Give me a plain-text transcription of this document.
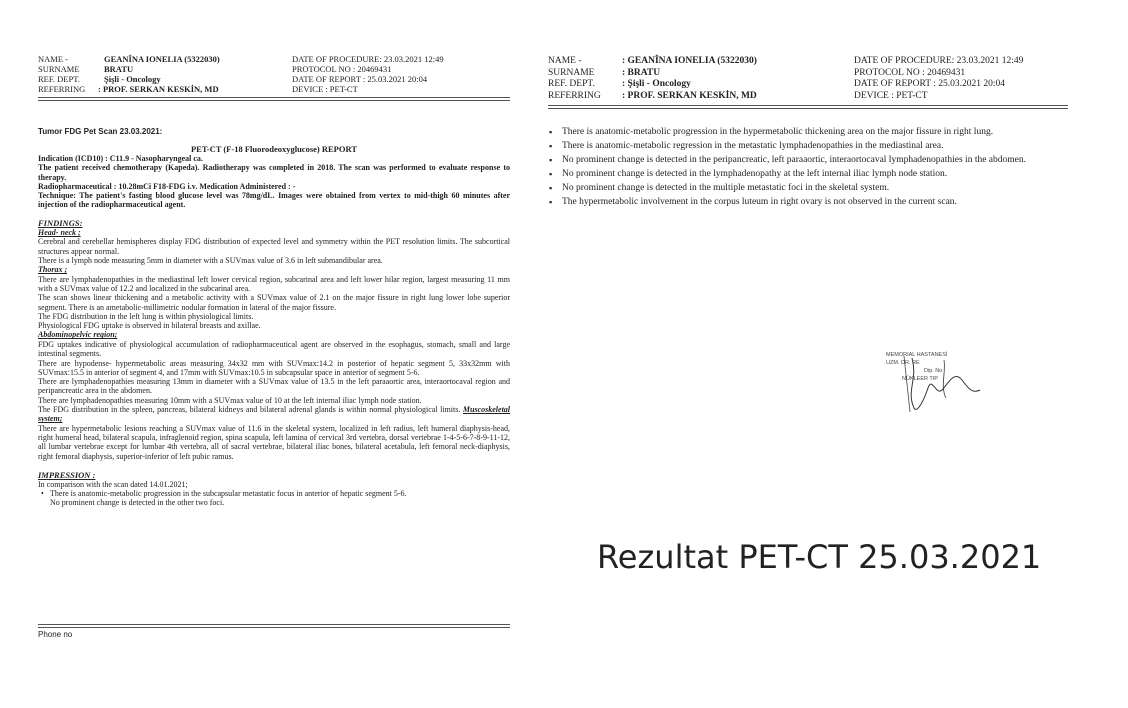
NAME -	GEANÎNA IONELIA (5322030)	DATE OF PROCEDURE: 23.03.2021 12:49
SURNAME	BRATU	PROTOCOL NO : 20469431
REF. DEPT.	Şişli - Oncology	DATE OF REPORT : 25.03.2021 20:04
REFERRING : PROF. SERKAN KESKİN, MD	DEVICE : PET-CT
Tumor FDG Pet Scan 23.03.2021:
PET-CT (F-18 Fluorodeoxyglucose) REPORT
Indication (ICD10) : C11.9 - Nasopharyngeal ca.
The patient received chemotherapy (Kapeda). Radiotherapy was completed in 2018. The scan was performed to evaluate response to therapy.
Radiopharmaceutical : 10.28mCi F18-FDG i.v. Medication Administered : -
Technique: The patient's fasting blood glucose level was 78mg/dL. Images were obtained from vertex to mid-thigh 60 minutes after injection of the radiopharmaceutical agent.
FINDINGS:
Head- neck ;
Cerebral and cerebellar hemispheres display FDG distribution of expected level and symmetry within the PET resolution limits. The subcortical structures appear normal.
There is a lymph node measuring 5mm in diameter with a SUVmax value of 3.6 in left submandibular area.
Thorax ;
There are lymphadenopathies in the mediastinal left lower cervical region, subcarinal area and left lower hilar region, largest measuring 11 mm with a SUVmax value of 12.2 and localized in the subcarinal area.
The scan shows linear thickening and a metabolic activity with a SUVmax value of 2.1 on the major fissure in right lung lower lobe superior segment. There is an ametabolic-millimetric nodular formation in lateral of the major fissure.
The FDG distribution in the left lung is within physiological limits.
Physiological FDG uptake is observed in bilateral breasts and axillae.
Abdominopelvic region;
FDG uptakes indicative of physiological accumulation of radiopharmaceutical agent are observed in the esophagus, stomach, small and large intestinal segments.
There are hypodense- hypermetabolic areas measuring 34x32 mm with SUVmax:14.2 in posterior of hepatic segment 5, 33x32mm with SUVmax:15.5 in anterior of segment 4, and 17mm with SUVmax:10.5 in subcapsular space in anterior of segment 5-6.
There are lymphadenopathies measuring 13mm in diameter with a SUVmax value of 13.5 in the left paraaortic area, interaortocaval region and peripancreatic area in the abdomen.
There are lymphadenopathies measuring 10mm with a SUVmax value of 10 at the left internal iliac lymph node station.
The FDG distribution in the spleen, pancreas, bilateral kidneys and bilateral adrenal glands is within normal physiological limits. Muscoskeletal system;
There are hypermetabolic lesions reaching a SUVmax value of 11.6 in the skeletal system, localized in left radius, left humeral diaphysis-head, right humeral head, bilateral scapula, infraglenoid region, spina scapula, left lamina of cervical 3rd vertebra, dorsal vertebrae 1-4-5-6-7-8-9-11-12, all lumbar vertebrae except for lumbar 4th vertebra, all of sacral vertebrae, bilateral iliac bones, bilateral acetabula, left femoral neck-diaphysis, right femoral diaphysis, superior-inferior of left pubic ramus.
IMPRESSION :
In comparison with the scan dated 14.01.2021;
• There is anatomic-metabolic progression in the subcapsular metastatic focus in anterior of hepatic segment 5-6.
No prominent change is detected in the other two foci.
Phone no
NAME -	: GEANÎNA IONELIA (5322030)	DATE OF PROCEDURE: 23.03.2021 12:49
SURNAME	: BRATU	PROTOCOL NO : 20469431
REF. DEPT.	: Şişli - Oncology	DATE OF REPORT : 25.03.2021 20:04
REFERRING : PROF. SERKAN KESKİN, MD	DEVICE : PET-CT
▪ There is anatomic-metabolic progression in the hypermetabolic thickening area on the major fissure in right lung.
▪ There is anatomic-metabolic regression in the metastatic lymphadenopathies in the mediastinal area.
▪ No prominent change is detected in the peripancreatic, left paraaortic, interaortocaval lymphadenopathies in the abdomen.
▪ No prominent change is detected in the lymphadenopathy at the left internal iliac lymph node station.
▪ No prominent change is detected in the multiple metastatic foci in the skeletal system.
▪ The hypermetabolic involvement in the corpus luteum in right ovary is not observed in the current scan.
MEMORIAL HASTANESİ
UZM. DR. RE
Dip. No
NÜKLEER TIP
Rezultat PET-CT 25.03.2021
